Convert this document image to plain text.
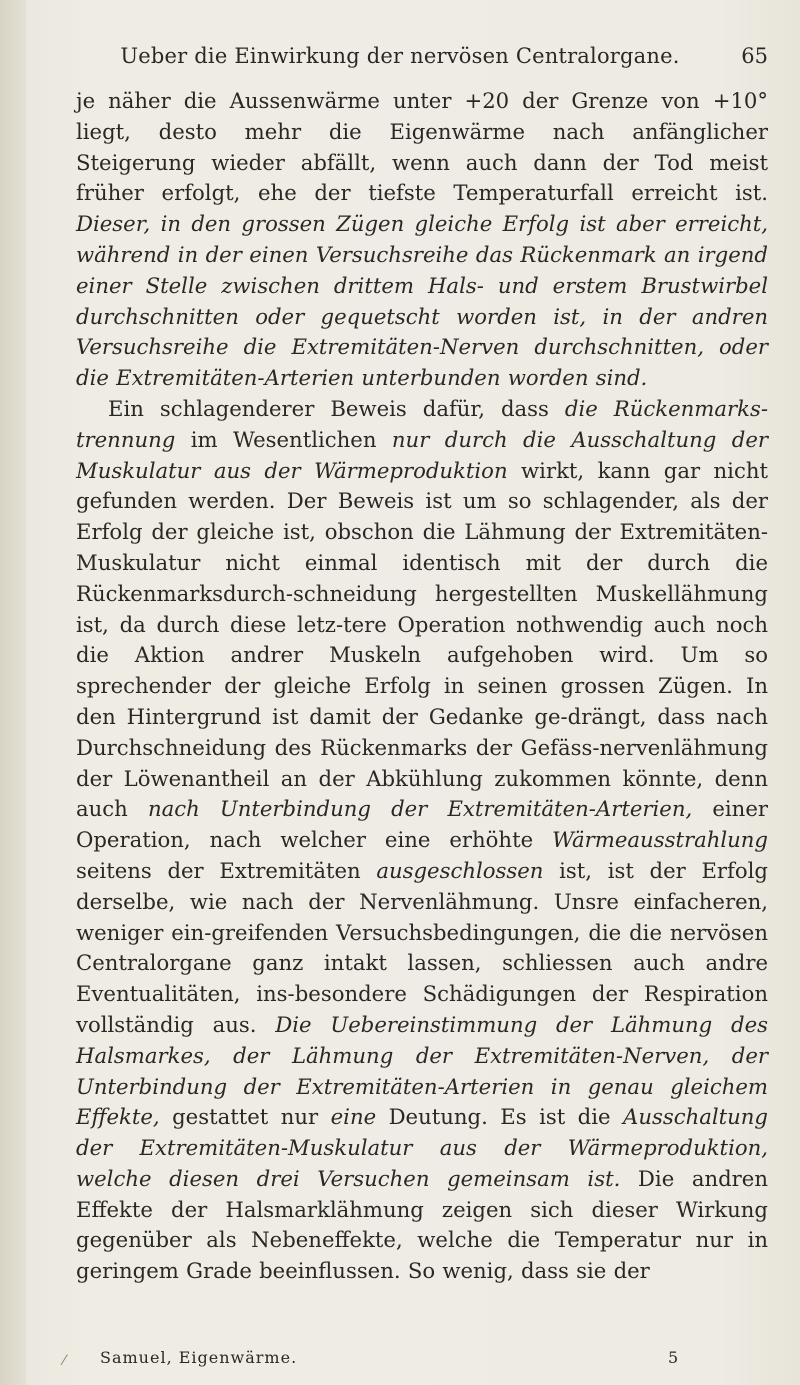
Ueber die Einwirkung der nervösen Centralorgane.	65

je näher die Aussenwärme unter +20 der Grenze von +10° liegt, desto mehr die Eigenwärme nach anfänglicher Steigerung wieder abfällt, wenn auch dann der Tod meist früher erfolgt, ehe der tiefste Temperaturfall erreicht ist. Dieser, in den grossen Zügen gleiche Erfolg ist aber erreicht, während in der einen Versuchsreihe das Rückenmark an irgend einer Stelle zwischen drittem Hals- und erstem Brustwirbel durchschnitten oder gequetscht worden ist, in der andren Versuchsreihe die Extremitäten-Nerven durchschnitten, oder die Extremitäten-Arterien unterbunden worden sind.

Ein schlagenderer Beweis dafür, dass die Rückenmarks-trennung im Wesentlichen nur durch die Ausschaltung der Muskulatur aus der Wärmeproduktion wirkt, kann gar nicht gefunden werden. Der Beweis ist um so schlagender, als der Erfolg der gleiche ist, obschon die Lähmung der Extremitäten-Muskulatur nicht einmal identisch mit der durch die Rückenmarksdurch-schneidung hergestellten Muskellähmung ist, da durch diese letz-tere Operation nothwendig auch noch die Aktion andrer Muskeln aufgehoben wird. Um so sprechender der gleiche Erfolg in seinen grossen Zügen. In den Hintergrund ist damit der Gedanke ge-drängt, dass nach Durchschneidung des Rückenmarks der Gefäss-nervenlähmung der Löwenantheil an der Abkühlung zukommen könnte, denn auch nach Unterbindung der Extremitäten-Arterien, einer Operation, nach welcher eine erhöhte Wärmeausstrahlung seitens der Extremitäten ausgeschlossen ist, ist der Erfolg derselbe, wie nach der Nervenlähmung. Unsre einfacheren, weniger ein-greifenden Versuchsbedingungen, die die nervösen Centralorgane ganz intakt lassen, schliessen auch andre Eventualitäten, ins-besondere Schädigungen der Respiration vollständig aus. Die Uebereinstimmung der Lähmung des Halsmarkes, der Lähmung der Extremitäten-Nerven, der Unterbindung der Extremitäten-Arterien in genau gleichem Effekte, gestattet nur eine Deutung. Es ist die Ausschaltung der Extremitäten-Muskulatur aus der Wärmeproduktion, welche diesen drei Versuchen gemeinsam ist. Die andren Effekte der Halsmarklähmung zeigen sich dieser Wirkung gegenüber als Nebeneffekte, welche die Temperatur nur in geringem Grade beeinflussen. So wenig, dass sie der

⁄ Samuel, Eigenwärme.	5
